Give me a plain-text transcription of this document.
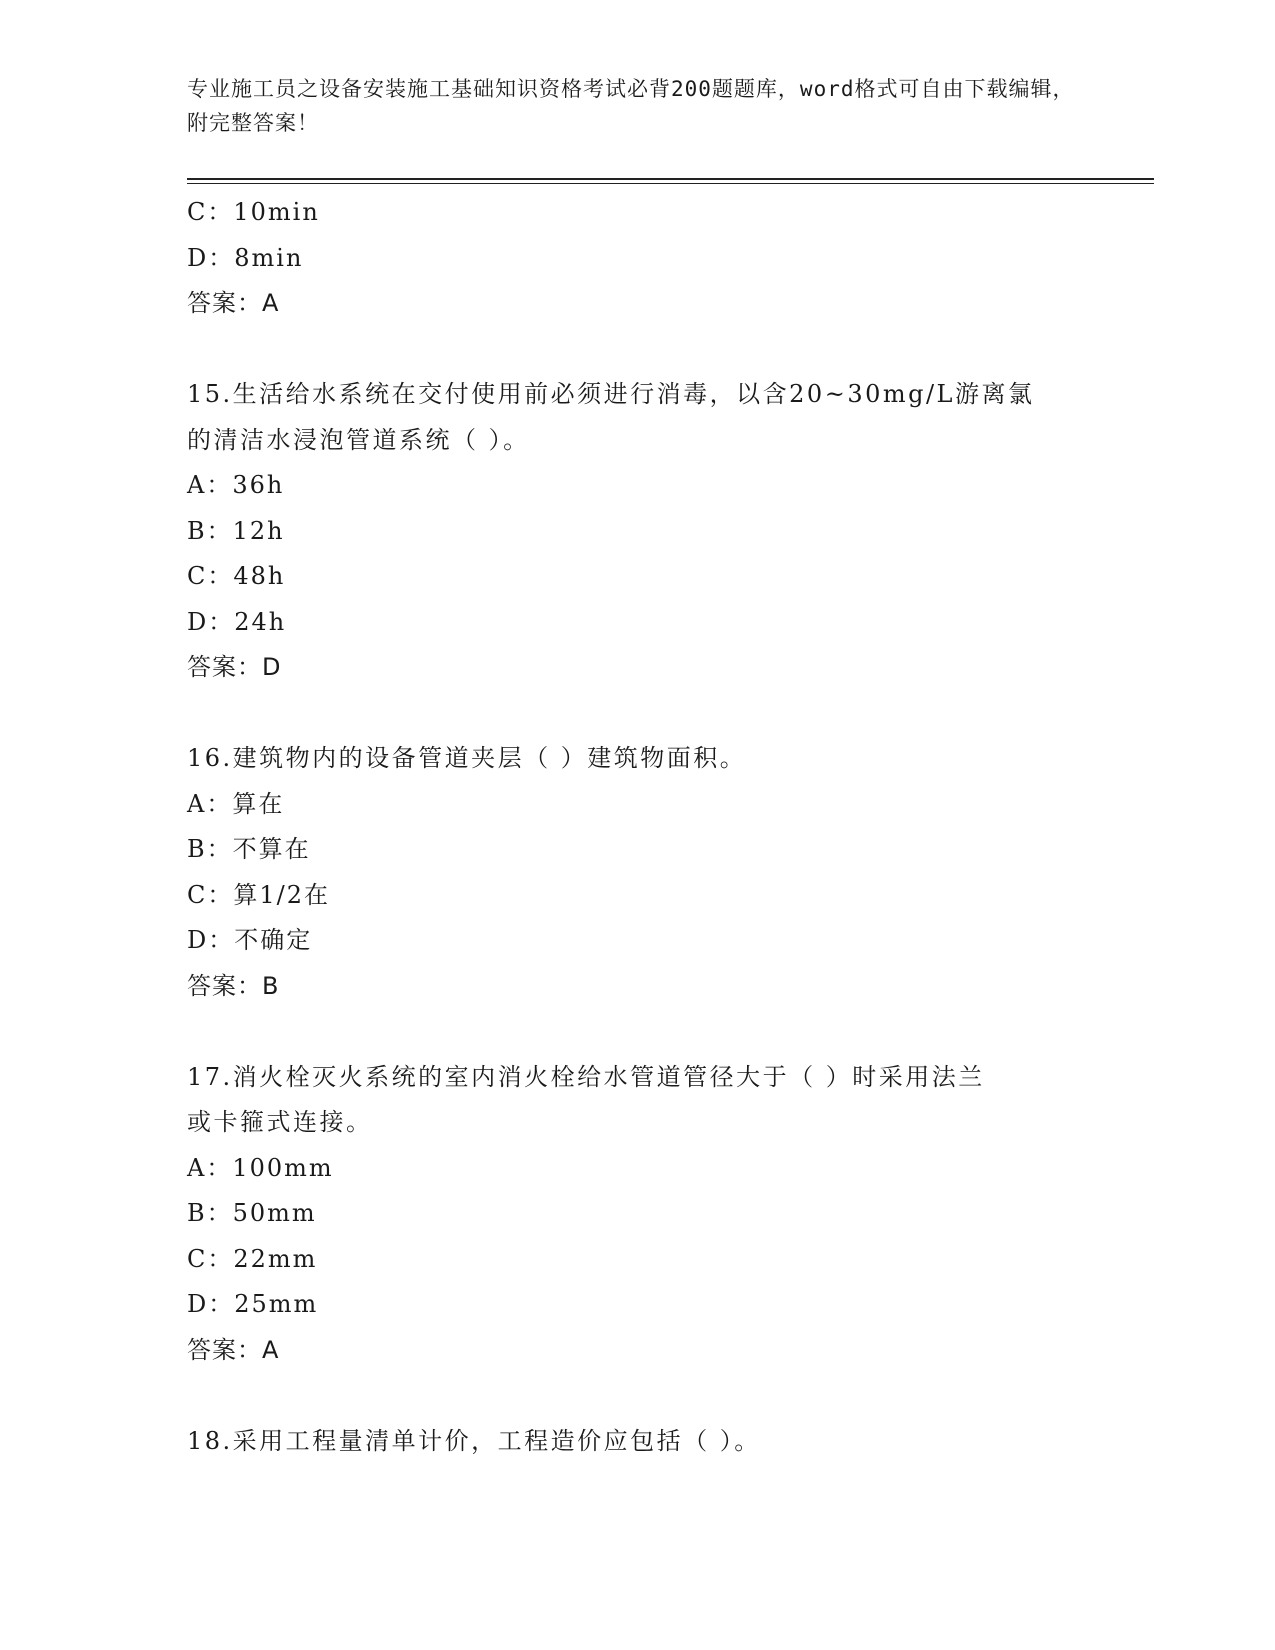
专业施工员之设备安装施工基础知识资格考试必背200题题库，word格式可自由下载编辑，附完整答案！
C：10min
D：8min
答案：A
15.生活给水系统在交付使用前必须进行消毒，以含20~30mg/L游离氯
的清洁水浸泡管道系统（ ）。
A：36h
B：12h
C：48h
D：24h
答案：D
16.建筑物内的设备管道夹层（ ）建筑物面积。
A：算在
B：不算在
C：算1/2在
D：不确定
答案：B
17.消火栓灭火系统的室内消火栓给水管道管径大于（ ）时采用法兰
或卡箍式连接。
A：100mm
B：50mm
C：22mm
D：25mm
答案：A
18.采用工程量清单计价，工程造价应包括（ ）。
